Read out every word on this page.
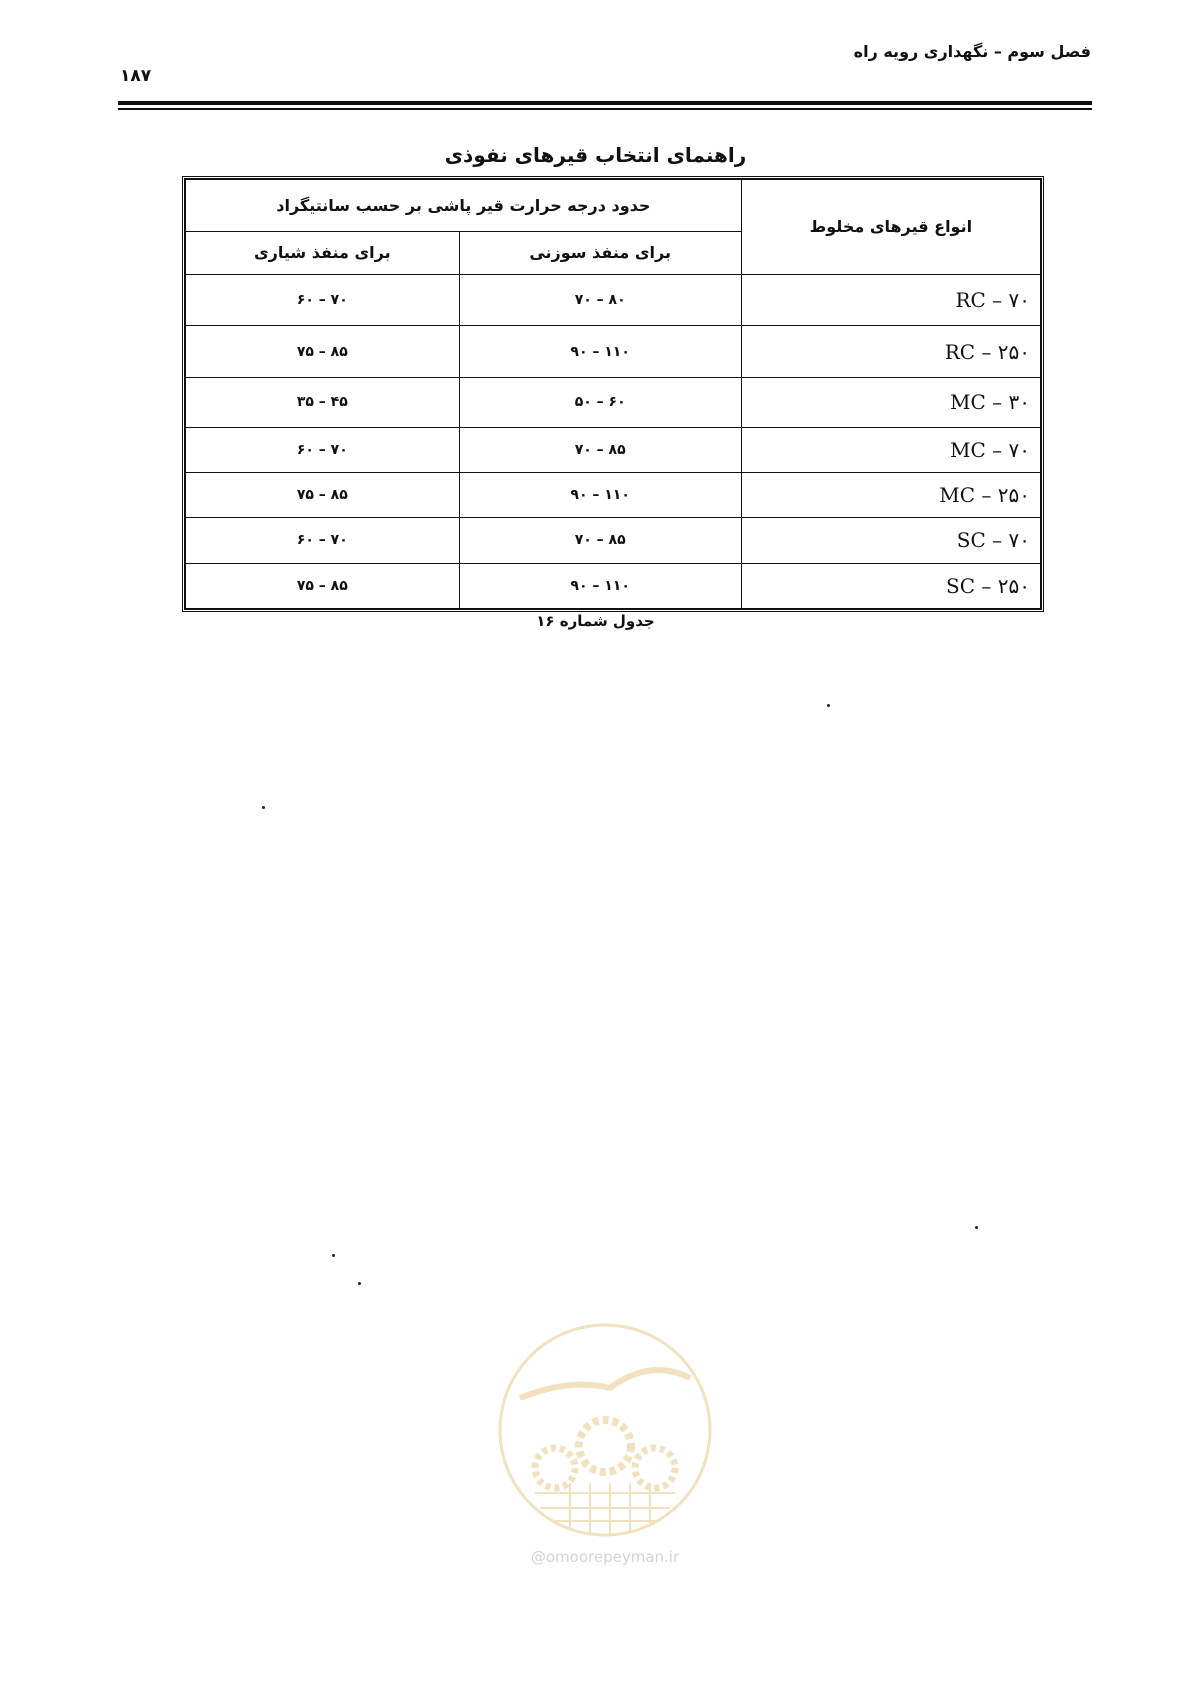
فصل سوم – نگهداری رویه راه
۱۸۷
راهنمای انتخاب قیرهای نفوذی
حدود درجه حرارت قیر پاشی بر حسب سانتیگراد		انواع قیرهای مخلوط
برای منفذ شیاری	برای منفذ سوزنی	
۶۰ – ۷۰	۷۰ – ۸۰	RC – ۷۰
۷۵ – ۸۵	۹۰ – ۱۱۰	RC – ۲۵۰
۳۵ – ۴۵	۵۰ – ۶۰	MC – ۳۰
۶۰ – ۷۰	۷۰ – ۸۵	MC – ۷۰
۷۵ – ۸۵	۹۰ – ۱۱۰	MC – ۲۵۰
۶۰ – ۷۰	۷۰ – ۸۵	SC – ۷۰
۷۵ – ۸۵	۹۰ – ۱۱۰	SC – ۲۵۰
جدول شماره ۱۶
@omoorepeyman.ir
